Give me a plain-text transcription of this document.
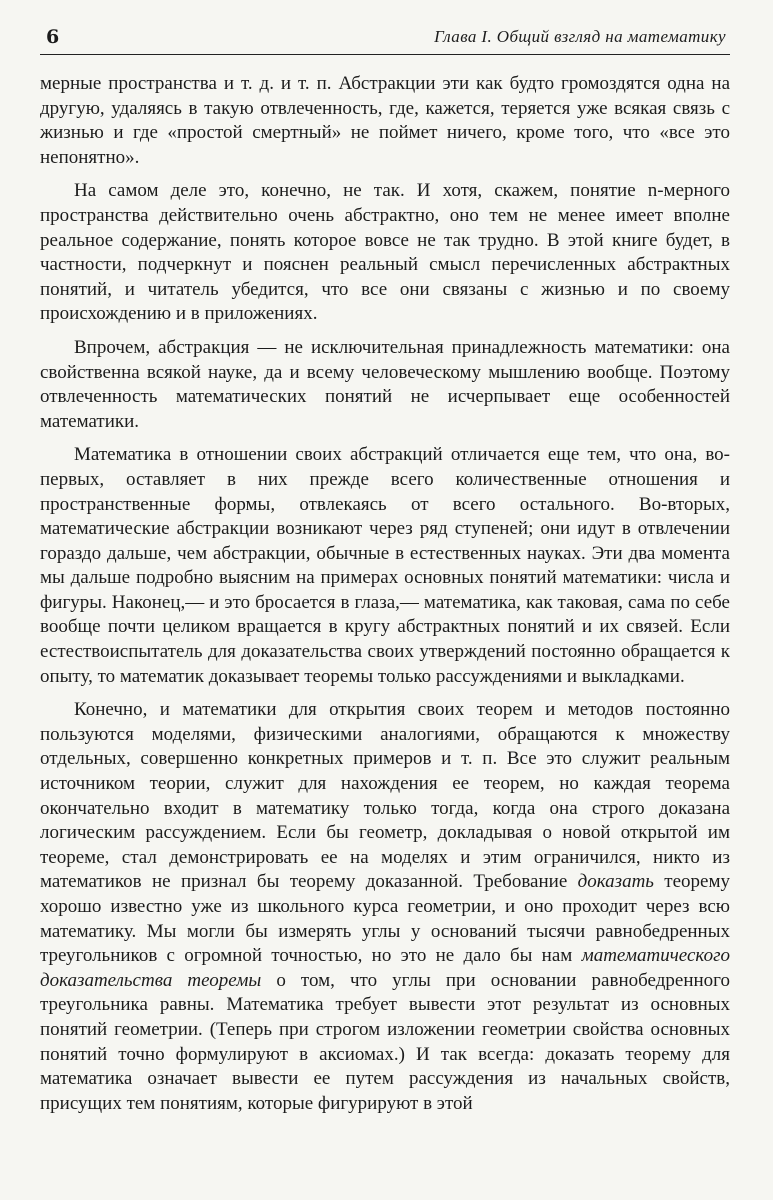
6	Глава I. Общий взгляд на математику

мерные пространства и т. д. и т. п. Абстракции эти как будто громоздятся одна на другую, удаляясь в такую отвлеченность, где, кажется, теряется уже всякая связь с жизнью и где «простой смертный» не поймет ничего, кроме того, что «все это непонятно».

На самом деле это, конечно, не так. И хотя, скажем, понятие n-мерного пространства действительно очень абстрактно, оно тем не менее имеет вполне реальное содержание, понять которое вовсе не так трудно. В этой книге будет, в частности, подчеркнут и пояснен реальный смысл перечисленных абстрактных понятий, и читатель убедится, что все они связаны с жизнью и по своему происхождению и в приложениях.

Впрочем, абстракция — не исключительная принадлежность математики: она свойственна всякой науке, да и всему человеческому мышлению вообще. Поэтому отвлеченность математических понятий не исчерпывает еще особенностей математики.

Математика в отношении своих абстракций отличается еще тем, что она, во-первых, оставляет в них прежде всего количественные отношения и пространственные формы, отвлекаясь от всего остального. Во-вторых, математические абстракции возникают через ряд ступеней; они идут в отвлечении гораздо дальше, чем абстракции, обычные в естественных науках. Эти два момента мы дальше подробно выясним на примерах основных понятий математики: числа и фигуры. Наконец,— и это бросается в глаза,— математика, как таковая, сама по себе вообще почти целиком вращается в кругу абстрактных понятий и их связей. Если естествоиспытатель для доказательства своих утверждений постоянно обращается к опыту, то математик доказывает теоремы только рассуждениями и выкладками.

Конечно, и математики для открытия своих теорем и методов постоянно пользуются моделями, физическими аналогиями, обращаются к множеству отдельных, совершенно конкретных примеров и т. п. Все это служит реальным источником теории, служит для нахождения ее теорем, но каждая теорема окончательно входит в математику только тогда, когда она строго доказана логическим рассуждением. Если бы геометр, докладывая о новой открытой им теореме, стал демонстрировать ее на моделях и этим ограничился, никто из математиков не признал бы теорему доказанной. Требование доказать теорему хорошо известно уже из школьного курса геометрии, и оно проходит через всю математику. Мы могли бы измерять углы у оснований тысячи равнобедренных треугольников с огромной точностью, но это не дало бы нам математического доказательства теоремы о том, что углы при основании равнобедренного треугольника равны. Математика требует вывести этот результат из основных понятий геометрии. (Теперь при строгом изложении геометрии свойства основных понятий точно формулируют в аксиомах.) И так всегда: доказать теорему для математика означает вывести ее путем рассуждения из начальных свойств, присущих тем понятиям, которые фигурируют в этой
